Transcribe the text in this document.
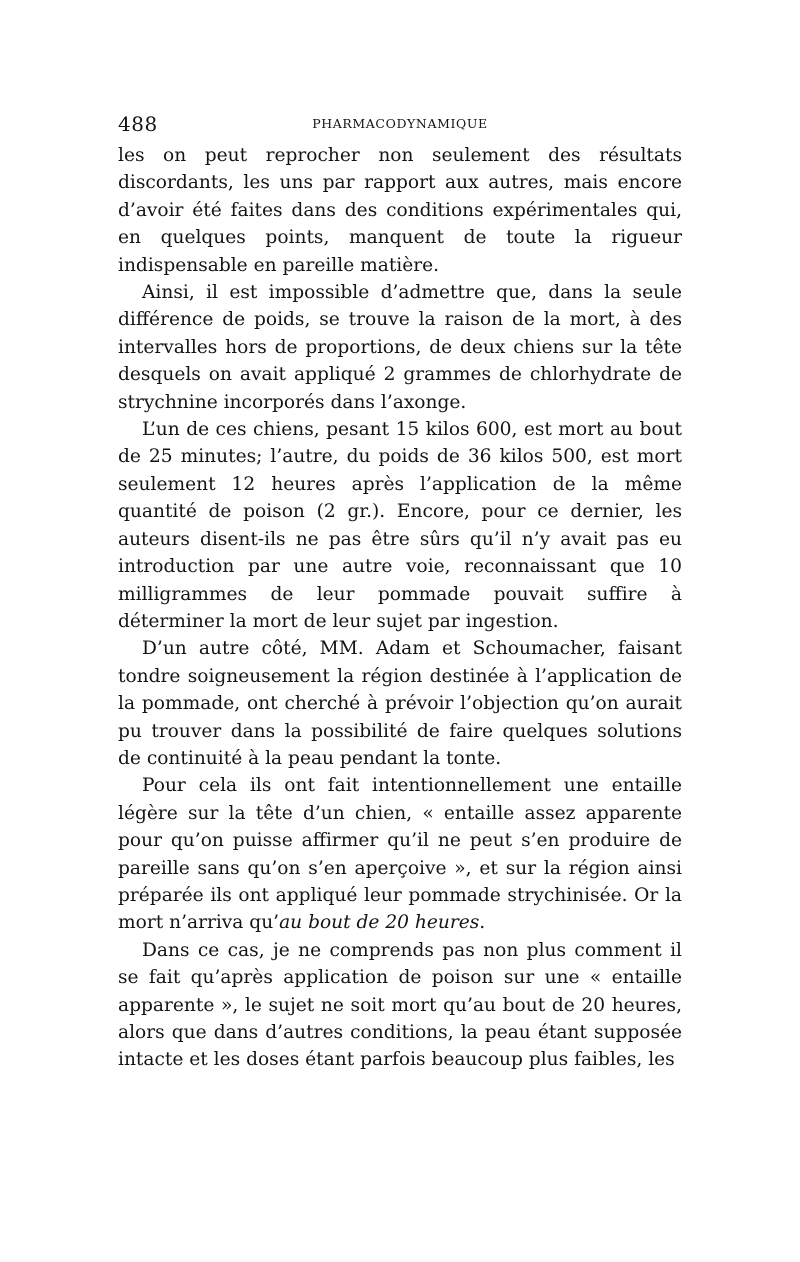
488	PHARMACODYNAMIQUE

les on peut reprocher non seulement des résultats discordants, les uns par rapport aux autres, mais encore d’avoir été faites dans des conditions expérimentales qui, en quelques points, manquent de toute la rigueur indispensable en pareille matière.

Ainsi, il est impossible d’admettre que, dans la seule différence de poids, se trouve la raison de la mort, à des intervalles hors de proportions, de deux chiens sur la tête desquels on avait appliqué 2 grammes de chlorhydrate de strychnine incorporés dans l’axonge.

L’un de ces chiens, pesant 15 kilos 600, est mort au bout de 25 minutes; l’autre, du poids de 36 kilos 500, est mort seulement 12 heures après l’application de la même quantité de poison (2 gr.). Encore, pour ce dernier, les auteurs disent-ils ne pas être sûrs qu’il n’y avait pas eu introduction par une autre voie, reconnaissant que 10 milligrammes de leur pommade pouvait suffire à déterminer la mort de leur sujet par ingestion.

D’un autre côté, MM. Adam et Schoumacher, faisant tondre soigneusement la région destinée à l’application de la pommade, ont cherché à prévoir l’objection qu’on aurait pu trouver dans la possibilité de faire quelques solutions de continuité à la peau pendant la tonte.

Pour cela ils ont fait intentionnellement une entaille légère sur la tête d’un chien, « entaille assez apparente pour qu’on puisse affirmer qu’il ne peut s’en produire de pareille sans qu’on s’en aperçoive », et sur la région ainsi préparée ils ont appliqué leur pommade strychinisée. Or la mort n’arriva qu’au bout de 20 heures.

Dans ce cas, je ne comprends pas non plus comment il se fait qu’après application de poison sur une « entaille apparente », le sujet ne soit mort qu’au bout de 20 heures, alors que dans d’autres conditions, la peau étant supposée intacte et les doses étant parfois beaucoup plus faibles, les
